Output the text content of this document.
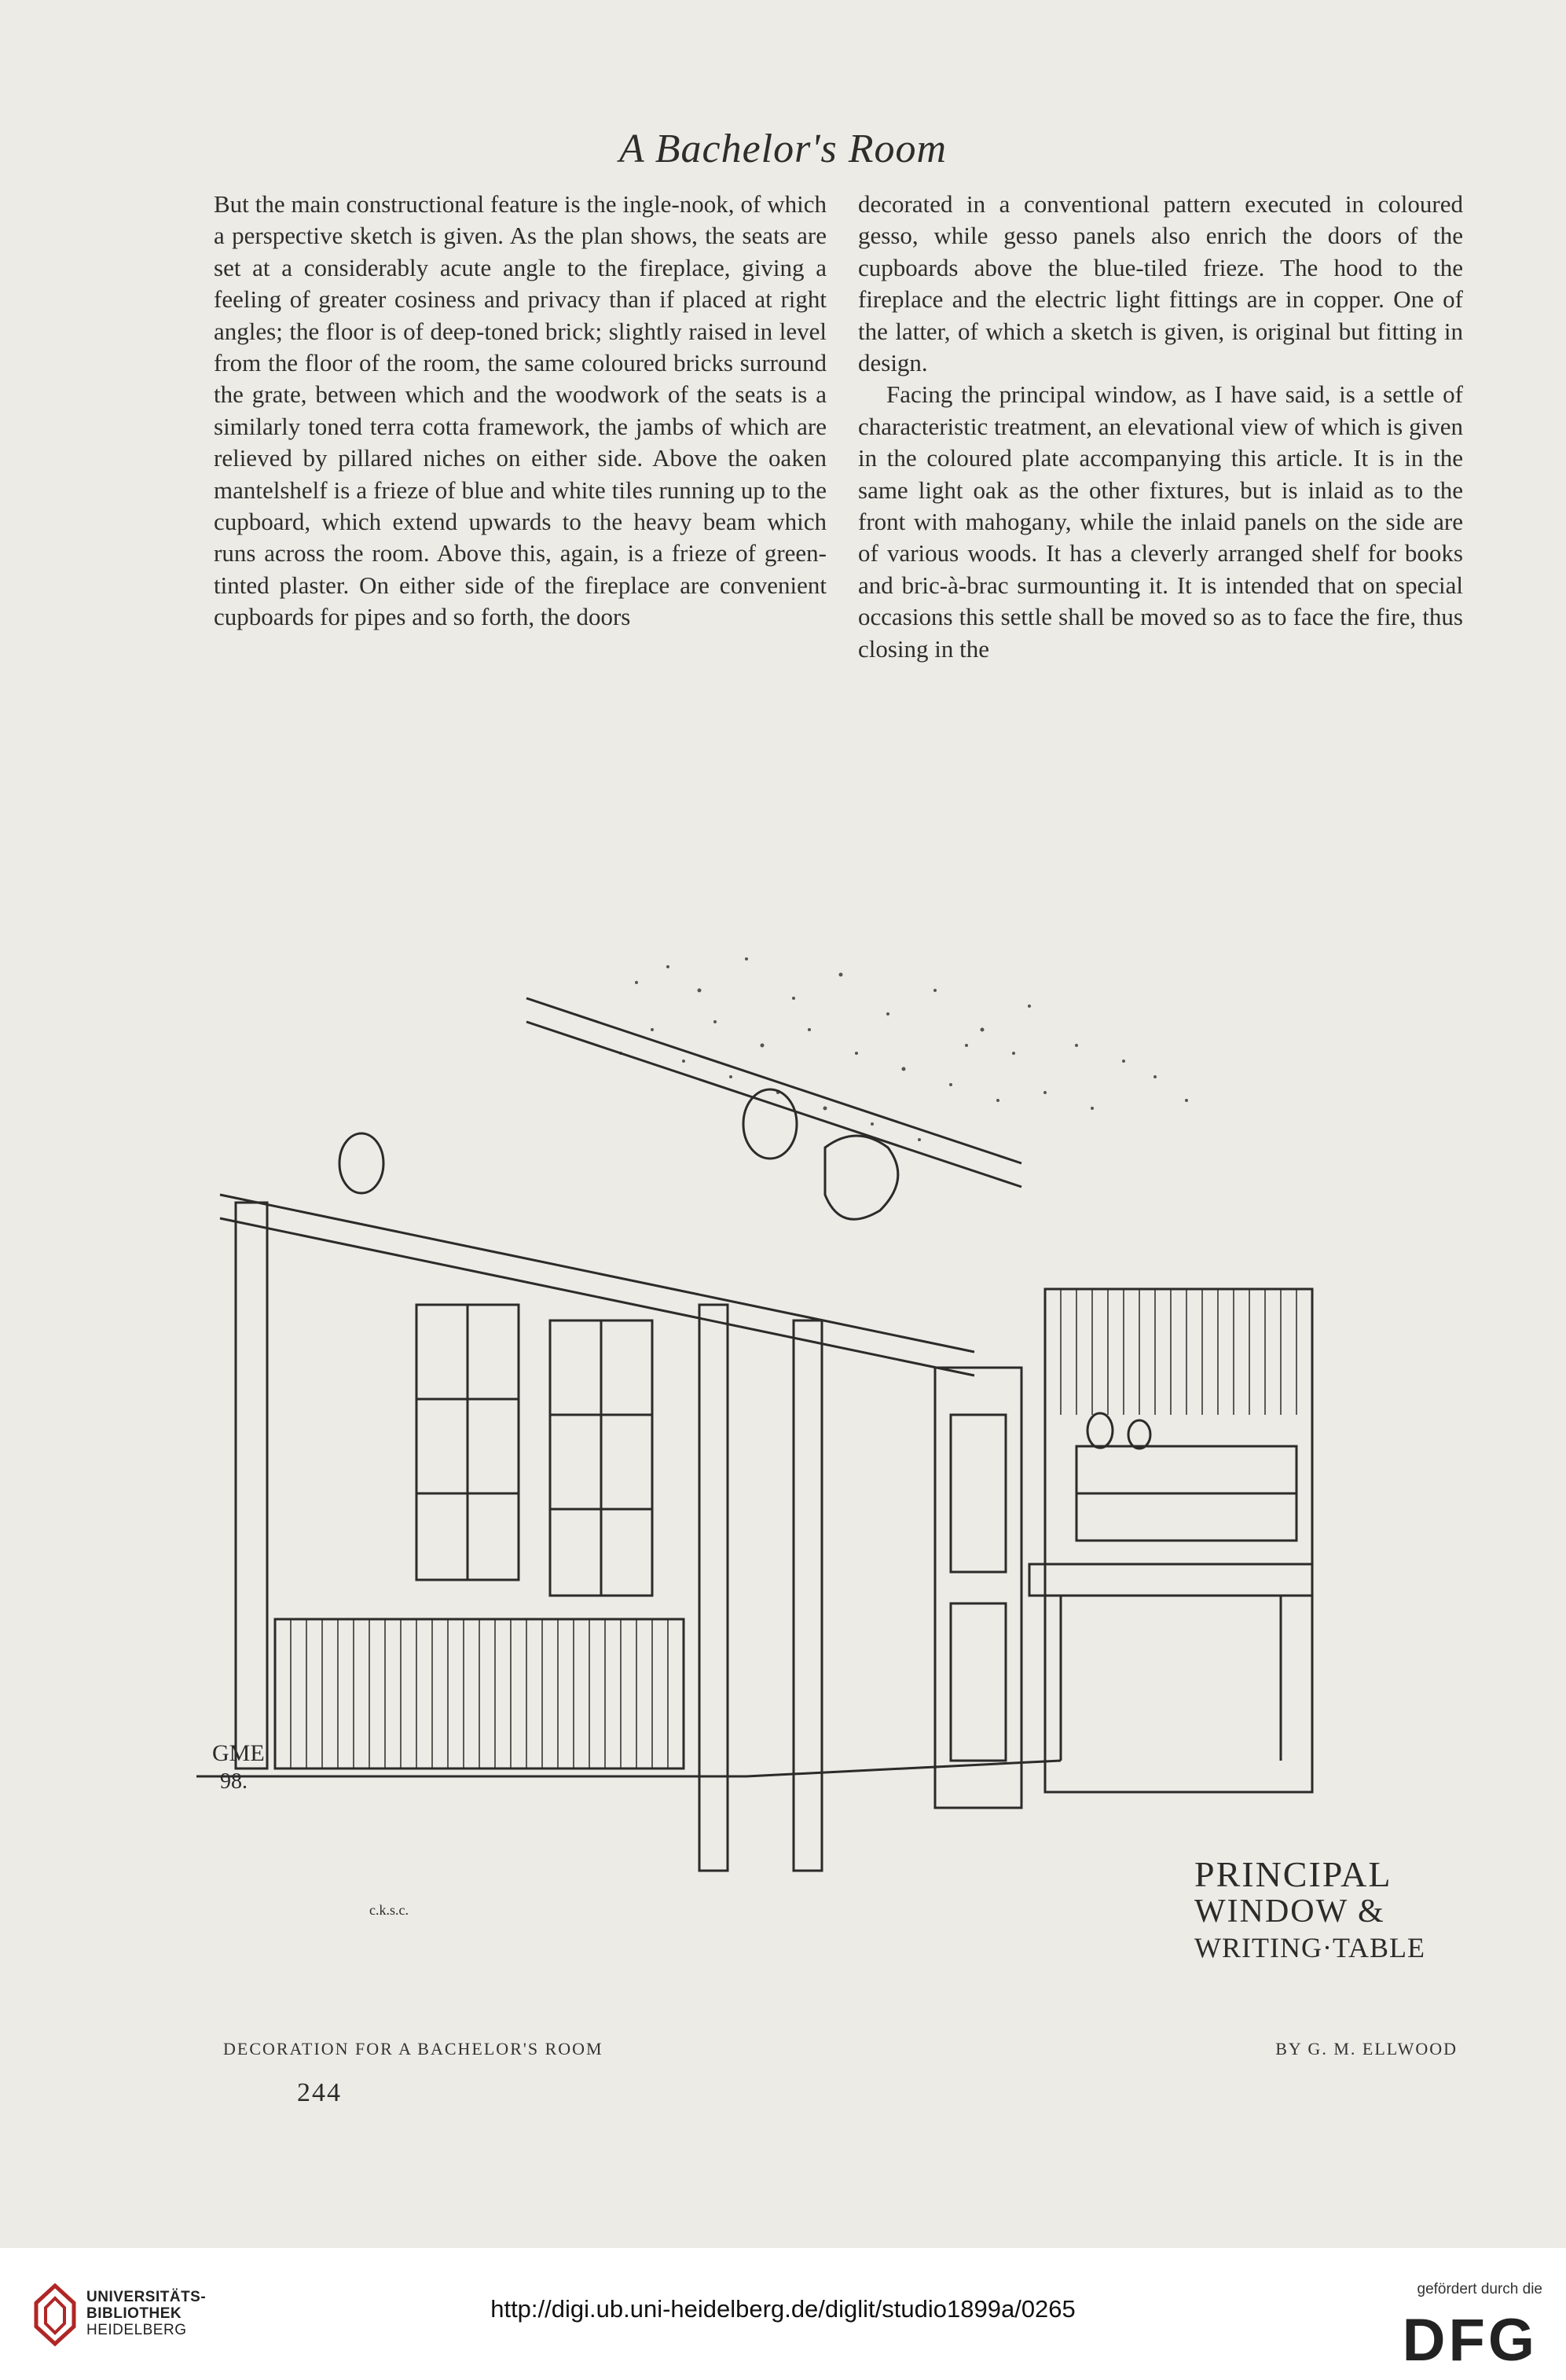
A Bachelor's Room

But the main constructional feature is the ingle-nook, of which a perspective sketch is given. As the plan shows, the seats are set at a considerably acute angle to the fireplace, giving a feeling of greater cosiness and privacy than if placed at right angles; the floor is of deep-toned brick; slightly raised in level from the floor of the room, the same coloured bricks surround the grate, between which and the woodwork of the seats is a similarly toned terra cotta framework, the jambs of which are relieved by pillared niches on either side. Above the oaken mantelshelf is a frieze of blue and white tiles running up to the cupboard, which extend upwards to the heavy beam which runs across the room. Above this, again, is a frieze of green-tinted plaster. On either side of the fireplace are convenient cupboards for pipes and so forth, the doors

decorated in a conventional pattern executed in coloured gesso, while gesso panels also enrich the doors of the cupboards above the blue-tiled frieze. The hood to the fireplace and the electric light fittings are in copper. One of the latter, of which a sketch is given, is original but fitting in design.

Facing the principal window, as I have said, is a settle of characteristic treatment, an elevational view of which is given in the coloured plate accompanying this article. It is in the same light oak as the other fixtures, but is inlaid as to the front with mahogany, while the inlaid panels on the side are of various woods. It has a cleverly arranged shelf for books and bric-à-brac surmounting it. It is intended that on special occasions this settle shall be moved so as to face the fire, thus closing in the

GME
98.
c.k.s.c.
PRINCIPAL
WINDOW &
WRITING·TABLE
DECORATION FOR A BACHELOR'S ROOM	BY G. M. ELLWOOD
244
UNIVERSITÄTS-
BIBLIOTHEK
HEIDELBERG
http://digi.ub.uni-heidelberg.de/diglit/studio1899a/0265
gefördert durch die
DFG
